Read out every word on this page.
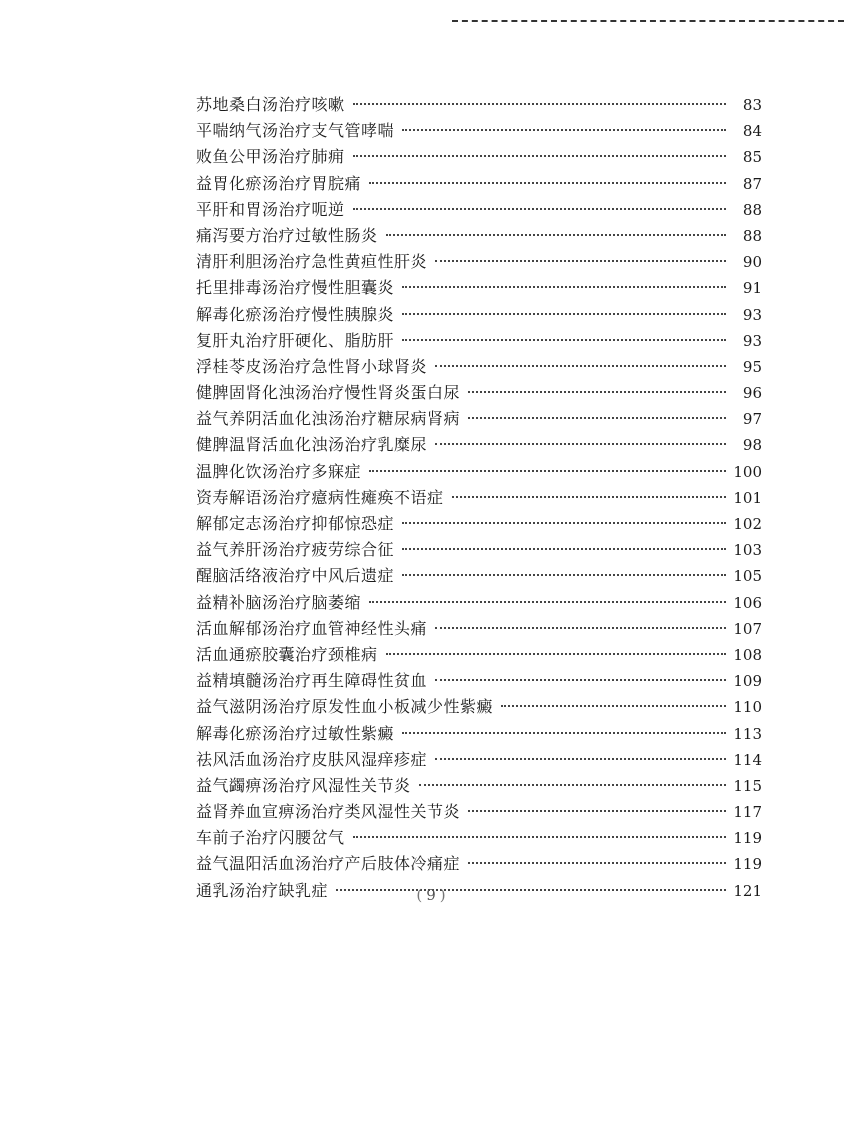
苏地桑白汤治疗咳嗽	83
平喘纳气汤治疗支气管哮喘	84
败鱼公甲汤治疗肺痈	85
益胃化瘀汤治疗胃脘痛	87
平肝和胃汤治疗呃逆	88
痛泻要方治疗过敏性肠炎	88
清肝利胆汤治疗急性黄疸性肝炎	90
托里排毒汤治疗慢性胆囊炎	91
解毒化瘀汤治疗慢性胰腺炎	93
复肝丸治疗肝硬化、脂肪肝	93
浮桂苓皮汤治疗急性肾小球肾炎	95
健脾固肾化浊汤治疗慢性肾炎蛋白尿	96
益气养阴活血化浊汤治疗糖尿病肾病	97
健脾温肾活血化浊汤治疗乳糜尿	98
温脾化饮汤治疗多寐症	100
资寿解语汤治疗癔病性瘫痪不语症	101
解郁定志汤治疗抑郁惊恐症	102
益气养肝汤治疗疲劳综合征	103
醒脑活络液治疗中风后遗症	105
益精补脑汤治疗脑萎缩	106
活血解郁汤治疗血管神经性头痛	107
活血通瘀胶囊治疗颈椎病	108
益精填髓汤治疗再生障碍性贫血	109
益气滋阴汤治疗原发性血小板减少性紫癜	110
解毒化瘀汤治疗过敏性紫癜	113
祛风活血汤治疗皮肤风湿痒疹症	114
益气蠲痹汤治疗风湿性关节炎	115
益肾养血宣痹汤治疗类风湿性关节炎	117
车前子治疗闪腰岔气	119
益气温阳活血汤治疗产后肢体冷痛症	119
通乳汤治疗缺乳症	121
(9)
